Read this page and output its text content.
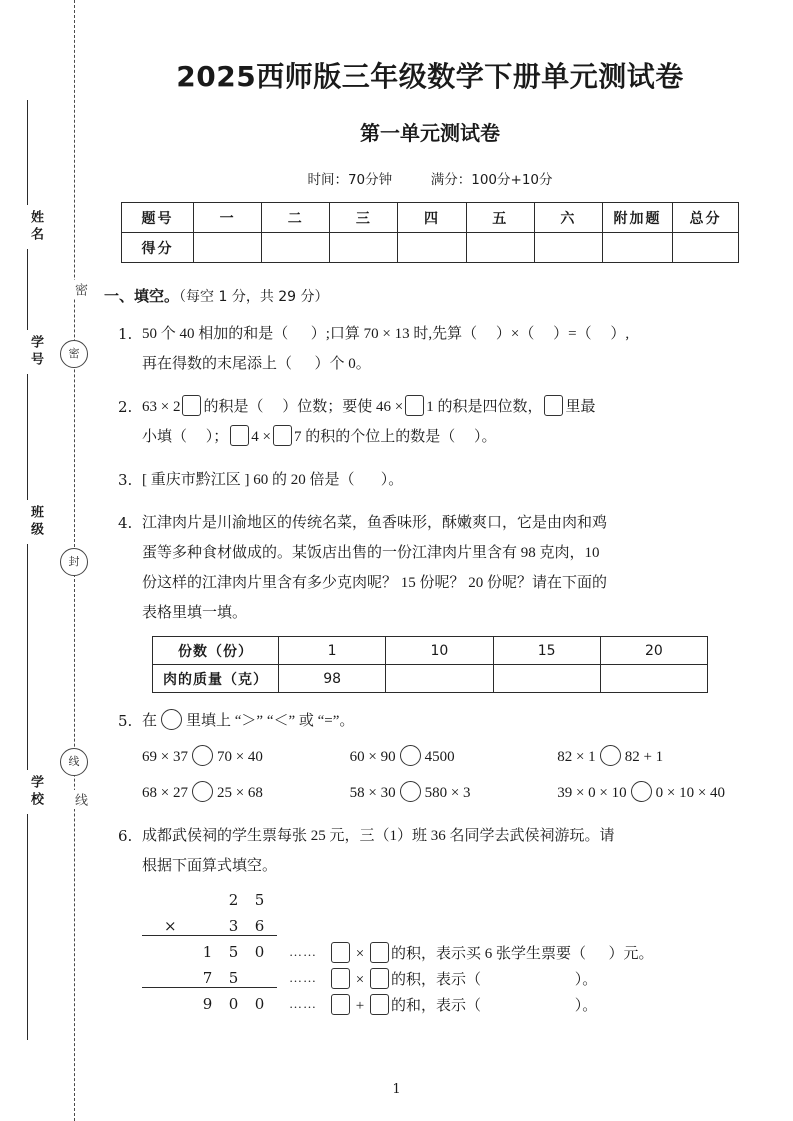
姓名
学号
班级
学校
密
线
密
封
线
2025西师版三年级数学下册单元测试卷
第一单元测试卷
时间：70分钟	满分：100分+10分
题号	一	二	三	四	五	六	附加题	总分
得分								
一、填空。（每空 1 分，共 29 分）
1. 50 个 40 相加的和是（ ）;口算 70 × 13 时,先算（ ）×（ ）=（ ）,
再在得数的末尾添上（ ）个 0。
2. 63 × 2 的积是（ ）位数；要使 46 × 1 的积是四位数， 里最
小填（ ）； 4 × 7 的积的个位上的数是（ ）。
3. [ 重庆市黔江区 ] 60 的 20 倍是（ ）。
4. 江津肉片是川渝地区的传统名菜，鱼香味形，酥嫩爽口，它是由肉和鸡
蛋等多种食材做成的。某饭店出售的一份江津肉片里含有 98 克肉，10
份这样的江津肉片里含有多少克肉呢？ 15 份呢？ 20 份呢？请在下面的
表格里填一填。
份数（份）	1	10	15	20
肉的质量（克）	98			
5. 在 里填上 “＞” “＜” 或 “=”。
69 × 37 70 × 40	60 × 90 4500	82 × 1 82 + 1
68 × 27 25 × 68	58 × 30 580 × 3	39 × 0 × 10 0 × 10 × 40
6. 成都武侯祠的学生票每张 25 元，三（1）班 36 名同学去武侯祠游玩。请
根据下面算式填空。
2 5
×	3 6
1 5 0	……	× 的积，表示买 6 张学生票要（ ）元。
7 5	……	× 的积，表示（	）。
9 0 0	……	+ 的和，表示（	）。
1
